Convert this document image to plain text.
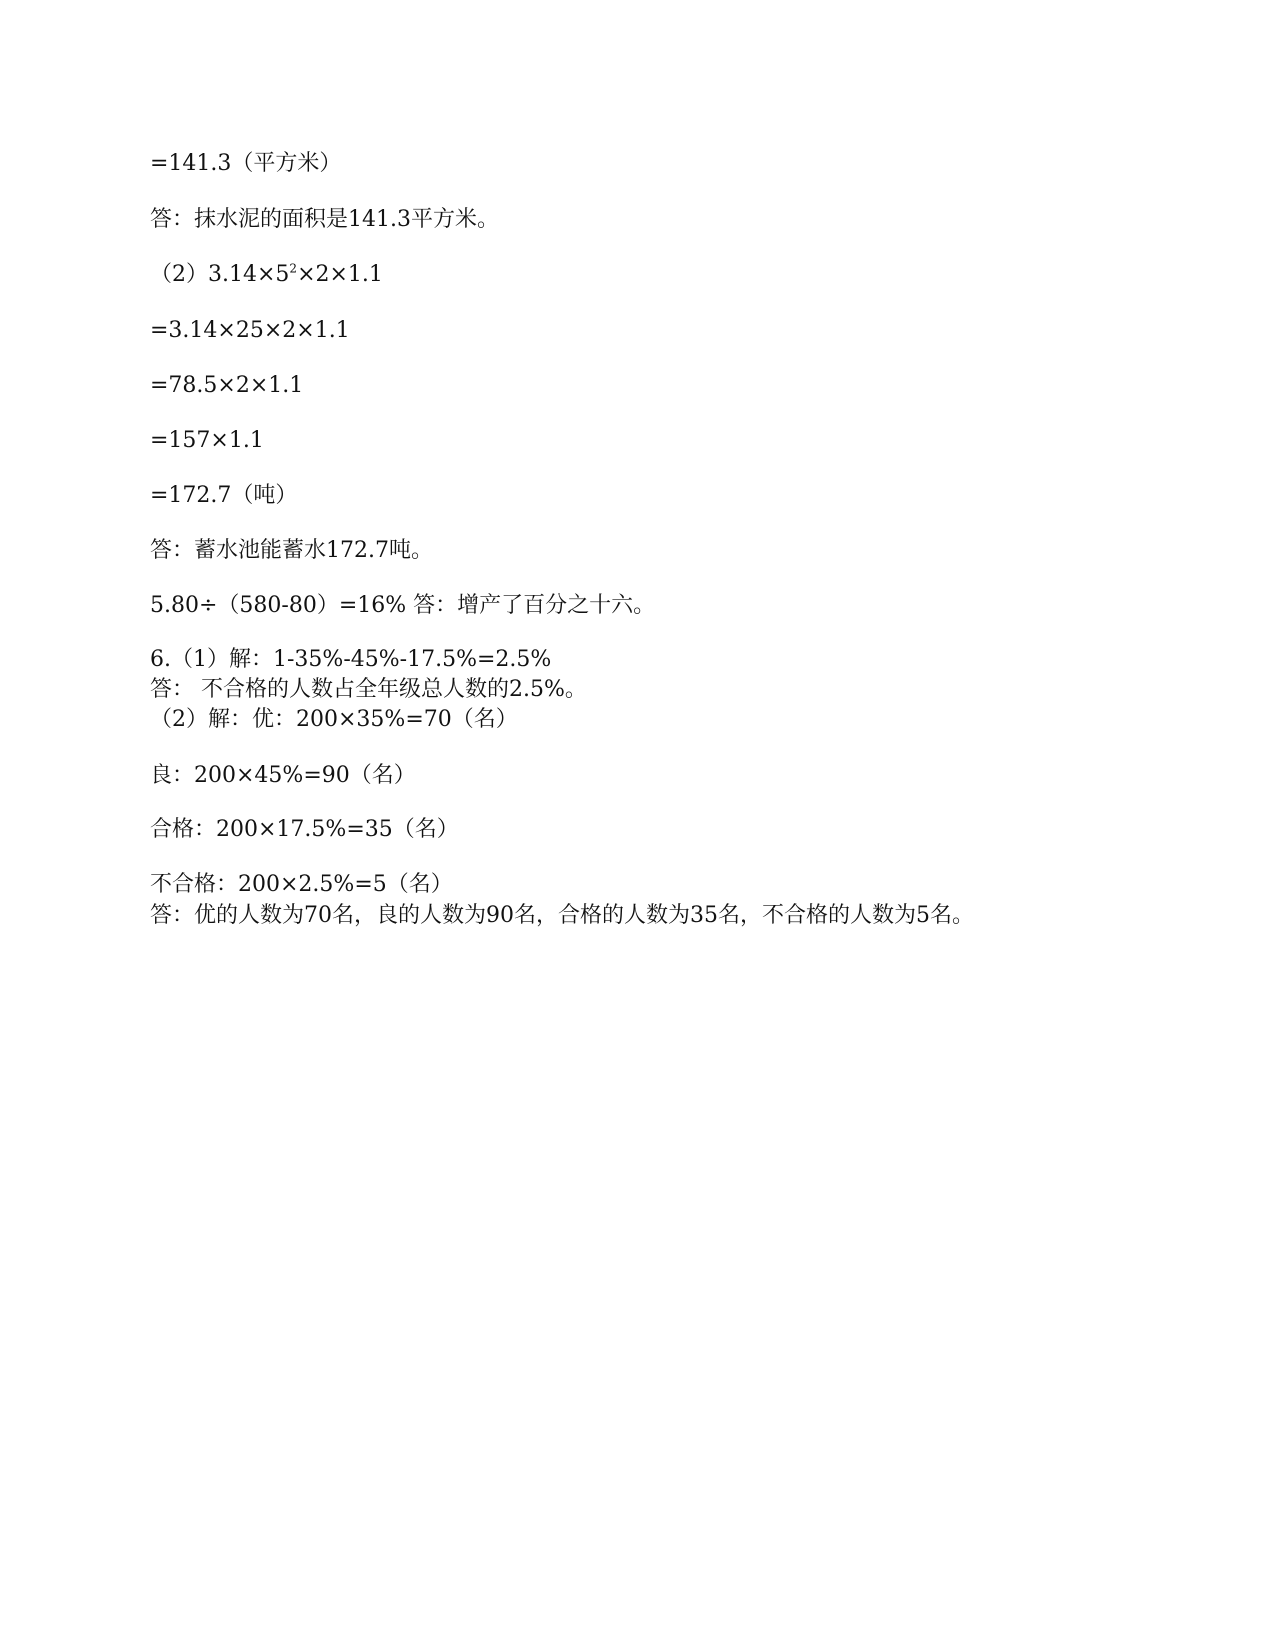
=141.3（平方米）
答：抹水泥的面积是141.3平方米。
$(2)3.14\times 5^2\times 2\times 1.1$
=3.14×25×2×1.1
=78.5×2×1.1
=157×1.1
=172.7（吨）
答：蓄水池能蓄水172.7吨。
5.80÷（580-80）=16% 答：增产了百分之十六。
6.（1）解：1-35%-45%-17.5%=2.5%
答： 不合格的人数占全年级总人数的2.5%。
（2）解：优：200×35%=70（名）
良：200×45%=90（名）
合格：200×17.5%=35（名）
不合格：200×2.5%=5（名）
答：优的人数为70名，良的人数为90名，合格的人数为35名，不合格的人数为5名。
